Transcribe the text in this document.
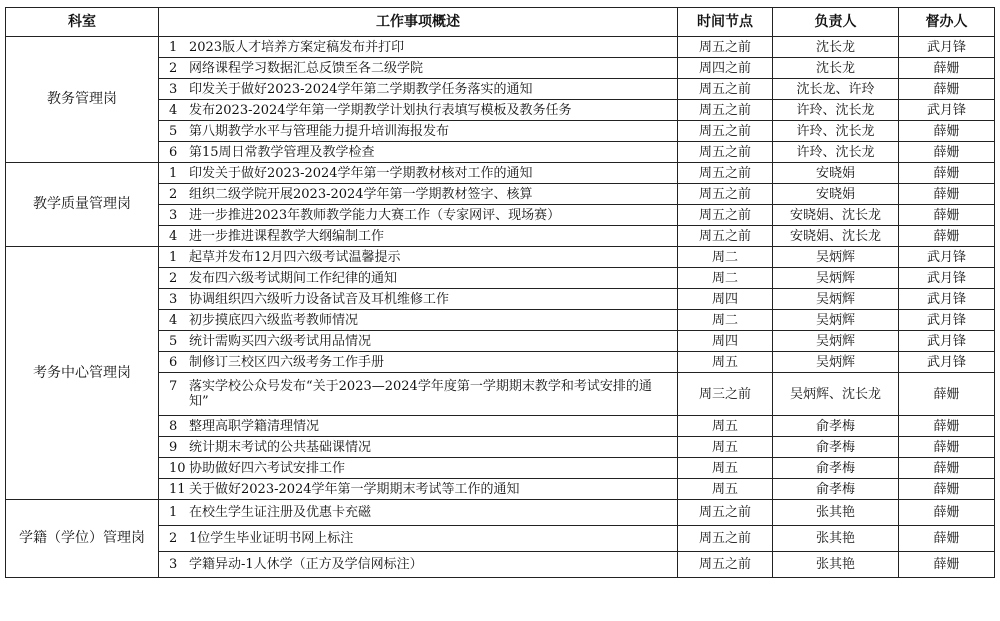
科室	工作事项概述	时间节点	负责人	督办人
教务管理岗	1 2023版人才培养方案定稿发布并打印	周五之前	沈长龙	武月锋
	2 网络课程学习数据汇总反馈至各二级学院	周四之前	沈长龙	薛姗
	3 印发关于做好2023-2024学年第二学期教学任务落实的通知	周五之前	沈长龙、许玲	薛姗
	4 发布2023-2024学年第一学期教学计划执行表填写模板及教务任务	周五之前	许玲、沈长龙	武月锋
	5 第八期教学水平与管理能力提升培训海报发布	周五之前	许玲、沈长龙	薛姗
	6 第15周日常教学管理及教学检查	周五之前	许玲、沈长龙	薛姗
教学质量管理岗	1 印发关于做好2023-2024学年第一学期教材核对工作的通知	周五之前	安晓娟	薛姗
	2 组织二级学院开展2023-2024学年第一学期教材签字、核算	周五之前	安晓娟	薛姗
	3 进一步推进2023年教师教学能力大赛工作（专家网评、现场赛）	周五之前	安晓娟、沈长龙	薛姗
	4 进一步推进课程教学大纲编制工作	周五之前	安晓娟、沈长龙	薛姗
考务中心管理岗	1 起草并发布12月四六级考试温馨提示	周二	吴炳辉	武月锋
	2 发布四六级考试期间工作纪律的通知	周二	吴炳辉	武月锋
	3 协调组织四六级听力设备试音及耳机维修工作	周四	吴炳辉	武月锋
	4 初步摸底四六级监考教师情况	周二	吴炳辉	武月锋
	5 统计需购买四六级考试用品情况	周四	吴炳辉	武月锋
	6 制修订三校区四六级考务工作手册	周五	吴炳辉	武月锋
	7 落实学校公众号发布“关于2023—2024学年度第一学期期末教学和考试安排的通知”	周三之前	吴炳辉、沈长龙	薛姗
	8 整理高职学籍清理情况	周五	俞孝梅	薛姗
	9 统计期末考试的公共基础课情况	周五	俞孝梅	薛姗
	10 协助做好四六考试安排工作	周五	俞孝梅	薛姗
	11 关于做好2023-2024学年第一学期期末考试等工作的通知	周五	俞孝梅	薛姗
学籍（学位）管理岗	1 在校生学生证注册及优惠卡充磁	周五之前	张其艳	薛姗
	2 1位学生毕业证明书网上标注	周五之前	张其艳	薛姗
	3 学籍异动-1人休学（正方及学信网标注）	周五之前	张其艳	薛姗
